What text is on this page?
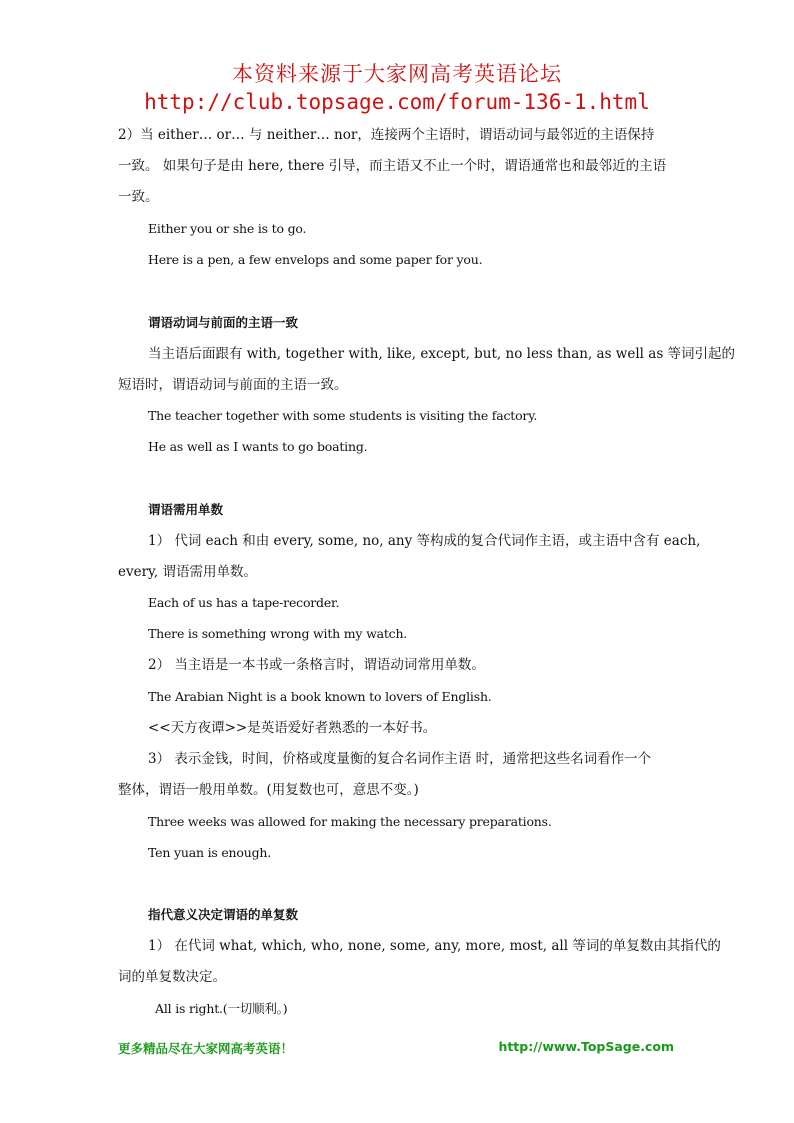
本资料来源于大家网高考英语论坛
http://club.topsage.com/forum-136-1.html
2）当 either… or… 与 neither… nor，连接两个主语时，谓语动词与最邻近的主语保持
一致。 如果句子是由 here, there 引导，而主语又不止一个时，谓语通常也和最邻近的主语
一致。
Either you or she is to go.
Here is a pen, a few envelops and some paper for you.
谓语动词与前面的主语一致
当主语后面跟有 with, together with, like, except, but, no less than, as well as 等词引起的
短语时，谓语动词与前面的主语一致。
The teacher together with some students is visiting the factory.
He as well as I wants to go boating.
谓语需用单数
1） 代词 each 和由 every, some, no, any 等构成的复合代词作主语，或主语中含有 each,
every, 谓语需用单数。
Each of us has a tape-recorder.
There is something wrong with my watch.
2） 当主语是一本书或一条格言时，谓语动词常用单数。
The Arabian Night is a book known to lovers of English.
<<天方夜谭>>是英语爱好者熟悉的一本好书。
3） 表示金钱，时间，价格或度量衡的复合名词作主语 时，通常把这些名词看作一个
整体，谓语一般用单数。(用复数也可，意思不变。)
Three weeks was allowed for making the necessary preparations.
Ten yuan is enough.
指代意义决定谓语的单复数
1） 在代词 what, which, who, none, some, any, more, most, all 等词的单复数由其指代的
词的单复数决定。
All is right.(一切顺利。)
更多精品尽在大家网高考英语！	http://www.TopSage.com
